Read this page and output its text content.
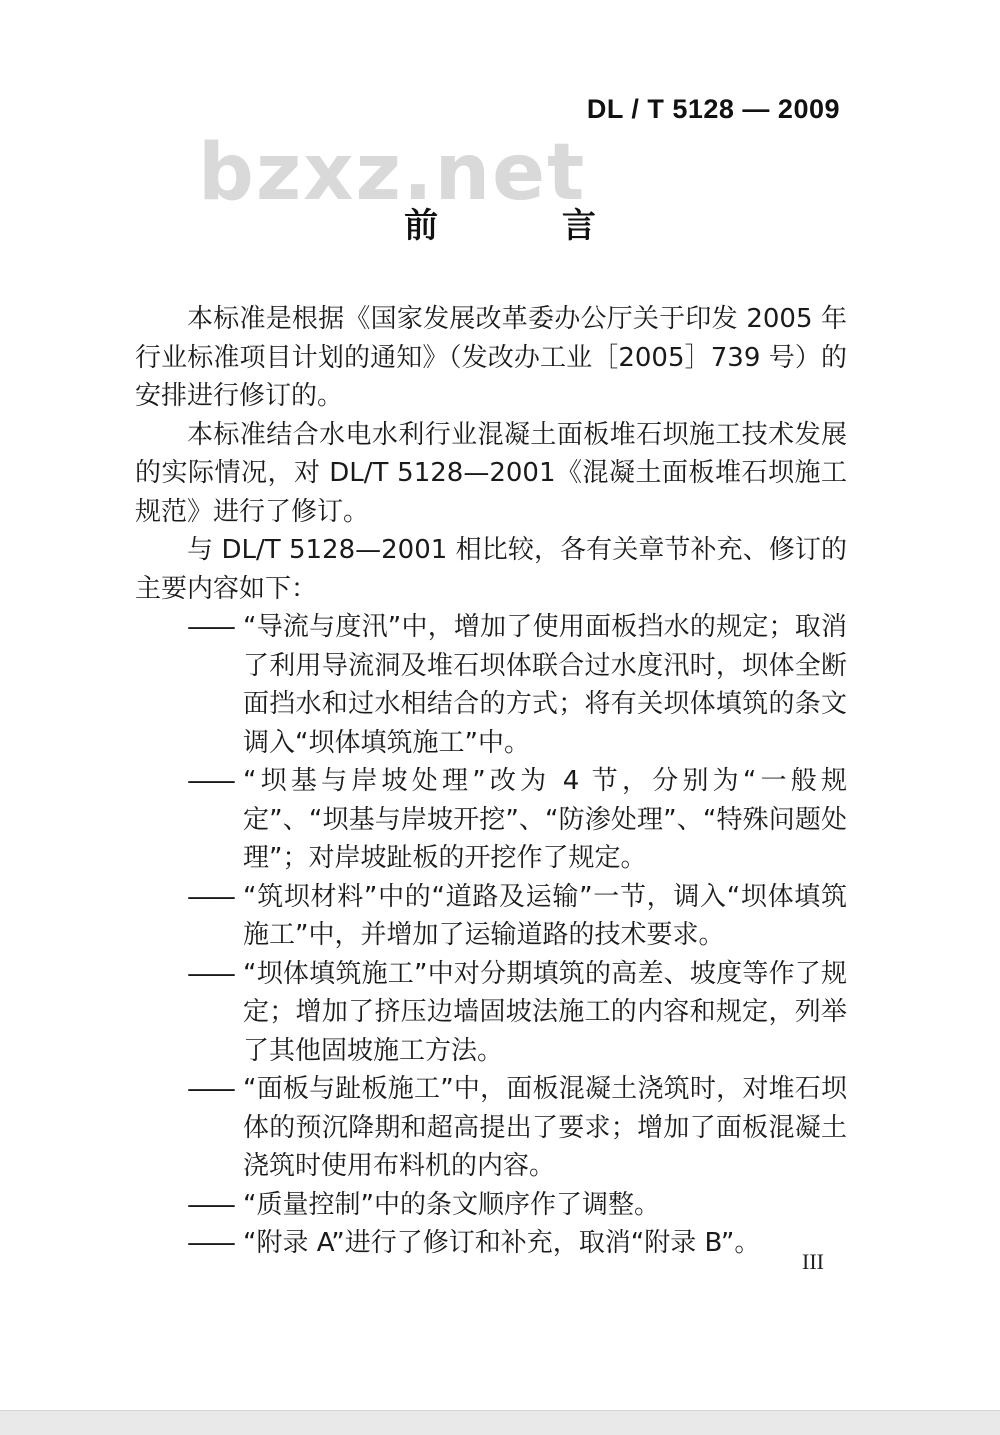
DL / T 5128 — 2009
bzxz.net
前 言

本标准是根据《国家发展改革委办公厅关于印发 2005 年行业标准项目计划的通知》（发改办工业［2005］739 号）的安排进行修订的。

本标准结合水电水利行业混凝土面板堆石坝施工技术发展的实际情况，对 DL/T 5128—2001《混凝土面板堆石坝施工规范》进行了修订。

与 DL/T 5128—2001 相比较，各有关章节补充、修订的主要内容如下：

—— “导流与度汛”中，增加了使用面板挡水的规定；取消了利用导流洞及堆石坝体联合过水度汛时，坝体全断面挡水和过水相结合的方式；将有关坝体填筑的条文调入“坝体填筑施工”中。
—— “坝基与岸坡处理”改为 4 节，分别为“一般规定”、“坝基与岸坡开挖”、“防渗处理”、“特殊问题处理”；对岸坡趾板的开挖作了规定。
—— “筑坝材料”中的“道路及运输”一节，调入“坝体填筑施工”中，并增加了运输道路的技术要求。
—— “坝体填筑施工”中对分期填筑的高差、坡度等作了规定；增加了挤压边墙固坡法施工的内容和规定，列举了其他固坡施工方法。
—— “面板与趾板施工”中，面板混凝土浇筑时，对堆石坝体的预沉降期和超高提出了要求；增加了面板混凝土浇筑时使用布料机的内容。
—— “质量控制”中的条文顺序作了调整。
—— “附录 A”进行了修订和补充，取消“附录 B”。
III
